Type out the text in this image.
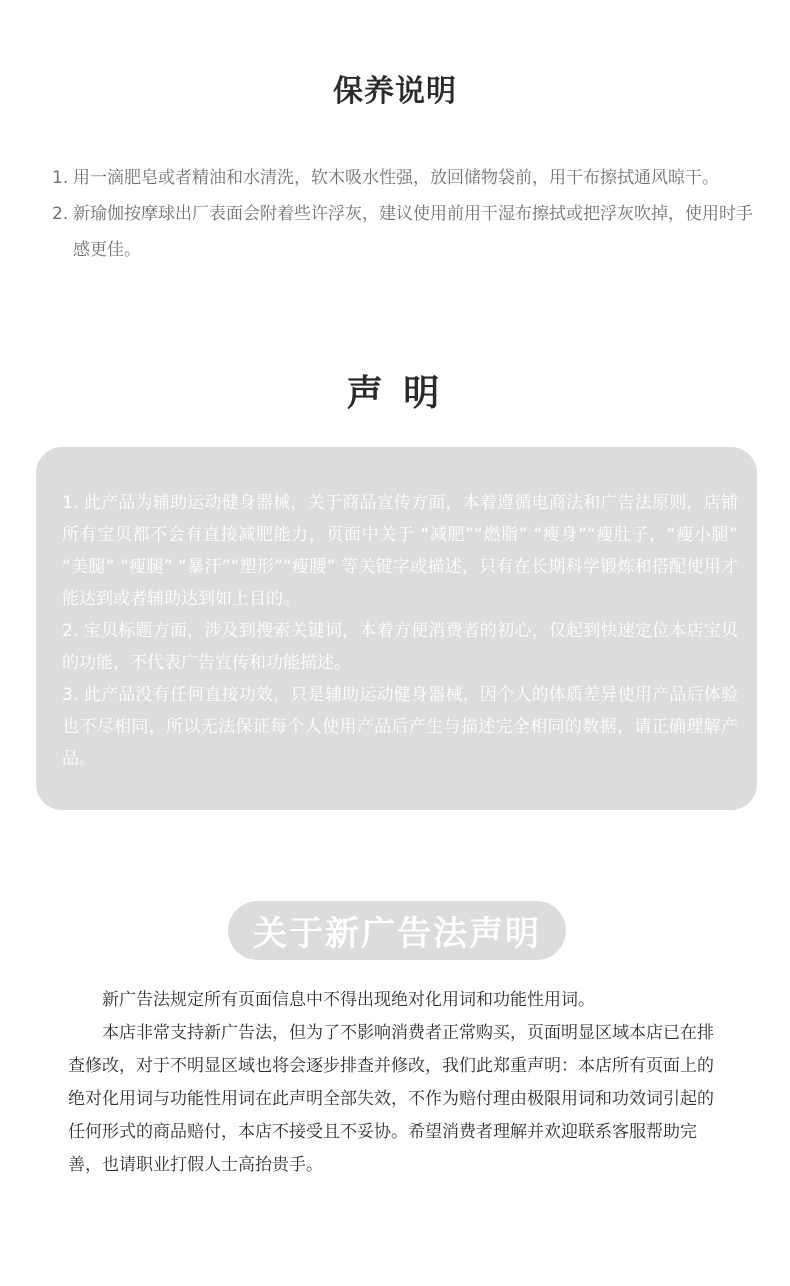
保养说明
1. 用一滴肥皂或者精油和水清洗，软木吸水性强，放回储物袋前，用干布擦拭通风晾干。
2. 新瑜伽按摩球出厂表面会附着些许浮灰，建议使用前用干湿布擦拭或把浮灰吹掉，使用时手感更佳。
声 明

1. 此产品为辅助运动健身器械，关于商品宣传方面，本着遵循电商法和广告法原则，店铺所有宝贝都不会有直接减肥能力，页面中关于 “减肥”“燃脂” “瘦身”“瘦肚子，“瘦小腿” “美腿” “瘦腿” “暴汗”“塑形”“瘦腰” 等关键字或描述，只有在长期科学锻炼和搭配使用才能达到或者辅助达到如上目的。

2. 宝贝标题方面，涉及到搜索关键词，本着方便消费者的初心，仅起到快速定位本店宝贝的功能，不代表广告宣传和功能描述。

3. 此产品没有任何直接功效，只是辅助运动健身器械，因个人的体质差异使用产品后体验也不尽相同，所以无法保证每个人使用产品后产生与描述完全相同的数据，请正确理解产品。

关于新广告法声明

新广告法规定所有页面信息中不得出现绝对化用词和功能性用词。

本店非常支持新广告法，但为了不影响消费者正常购买，页面明显区域本店已在排查修改，对于不明显区域也将会逐步排查并修改，我们此郑重声明：本店所有页面上的绝对化用词与功能性用词在此声明全部失效，不作为赔付理由极限用词和功效词引起的任何形式的商品赔付，本店不接受且不妥协。希望消费者理解并欢迎联系客服帮助完善，也请职业打假人士高抬贵手。
